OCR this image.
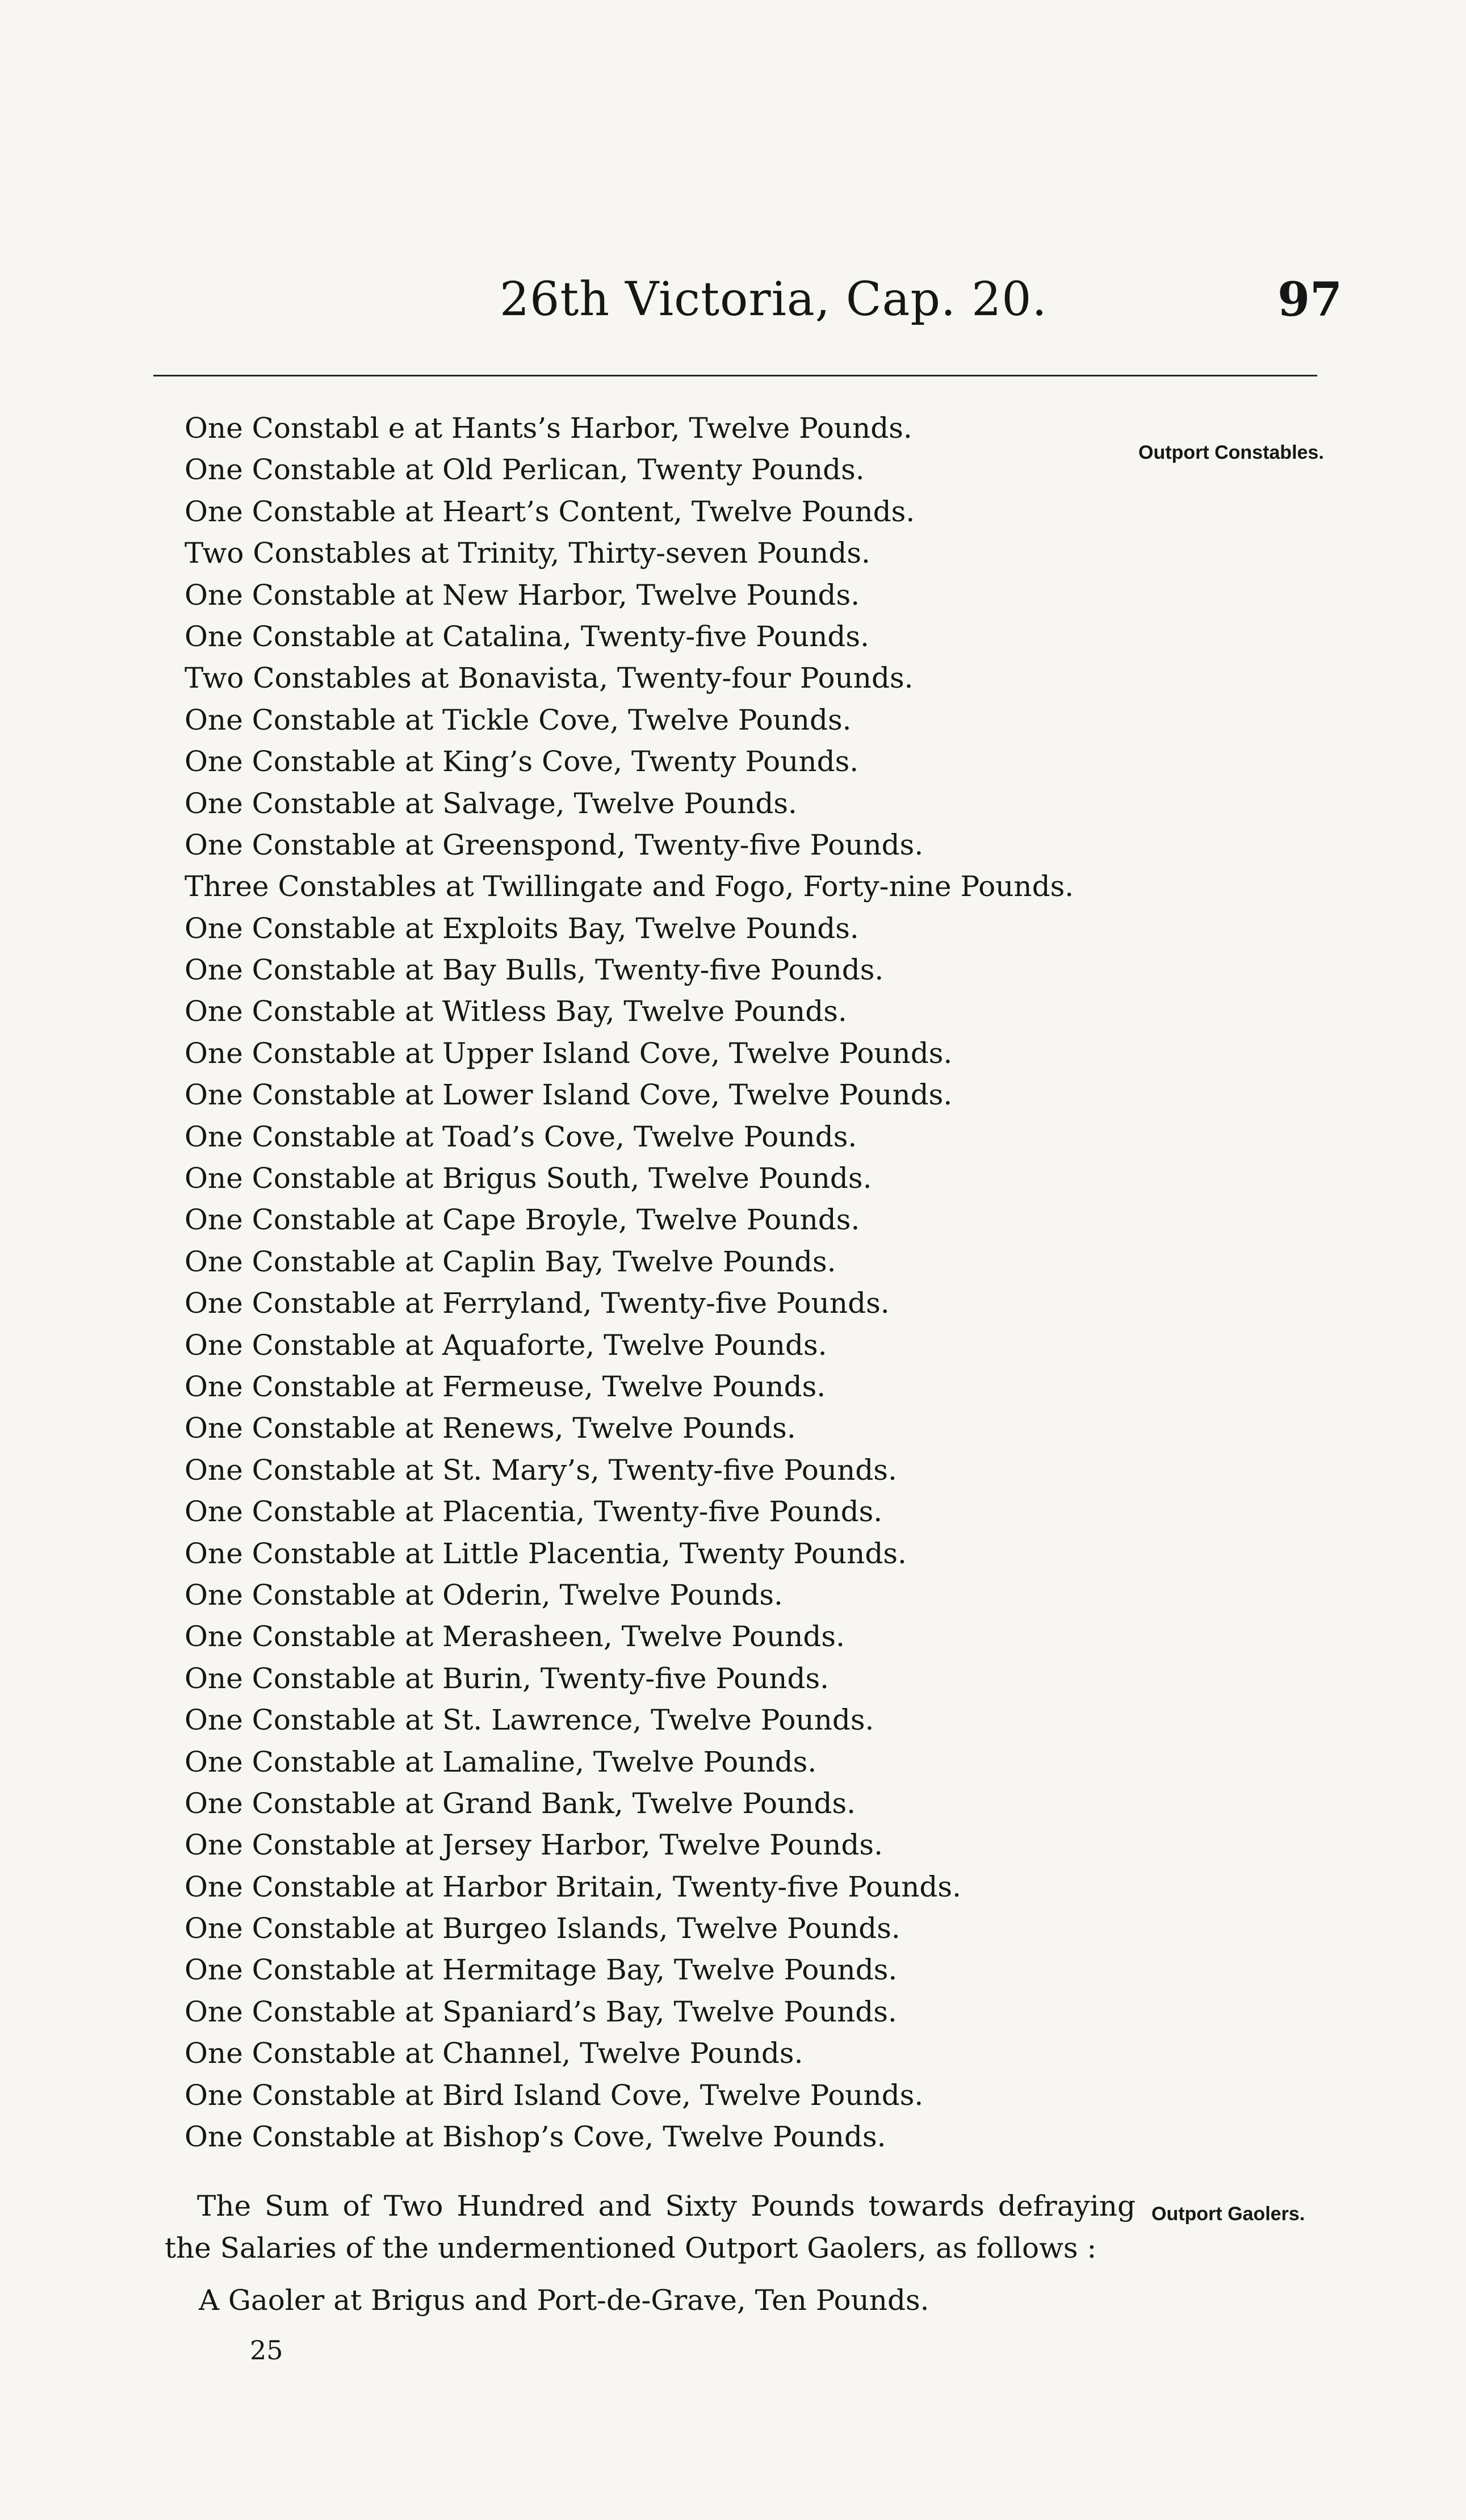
26th Victoria, Cap. 20.	97
Outport Constables.
One Constabl e at Hants’s Harbor, Twelve Pounds.
One Constable at Old Perlican, Twenty Pounds.
One Constable at Heart’s Content, Twelve Pounds.
Two Constables at Trinity, Thirty-seven Pounds.
One Constable at New Harbor, Twelve Pounds.
One Constable at Catalina, Twenty-five Pounds.
Two Constables at Bonavista, Twenty-four Pounds.
One Constable at Tickle Cove, Twelve Pounds.
One Constable at King’s Cove, Twenty Pounds.
One Constable at Salvage, Twelve Pounds.
One Constable at Greenspond, Twenty-five Pounds.
Three Constables at Twillingate and Fogo, Forty-nine Pounds.
One Constable at Exploits Bay, Twelve Pounds.
One Constable at Bay Bulls, Twenty-five Pounds.
One Constable at Witless Bay, Twelve Pounds.
One Constable at Upper Island Cove, Twelve Pounds.
One Constable at Lower Island Cove, Twelve Pounds.
One Constable at Toad’s Cove, Twelve Pounds.
One Constable at Brigus South, Twelve Pounds.
One Constable at Cape Broyle, Twelve Pounds.
One Constable at Caplin Bay, Twelve Pounds.
One Constable at Ferryland, Twenty-five Pounds.
One Constable at Aquaforte, Twelve Pounds.
One Constable at Fermeuse, Twelve Pounds.
One Constable at Renews, Twelve Pounds.
One Constable at St. Mary’s, Twenty-five Pounds.
One Constable at Placentia, Twenty-five Pounds.
One Constable at Little Placentia, Twenty Pounds.
One Constable at Oderin, Twelve Pounds.
One Constable at Merasheen, Twelve Pounds.
One Constable at Burin, Twenty-five Pounds.
One Constable at St. Lawrence, Twelve Pounds.
One Constable at Lamaline, Twelve Pounds.
One Constable at Grand Bank, Twelve Pounds.
One Constable at Jersey Harbor, Twelve Pounds.
One Constable at Harbor Britain, Twenty-five Pounds.
One Constable at Burgeo Islands, Twelve Pounds.
One Constable at Hermitage Bay, Twelve Pounds.
One Constable at Spaniard’s Bay, Twelve Pounds.
One Constable at Channel, Twelve Pounds.
One Constable at Bird Island Cove, Twelve Pounds.
One Constable at Bishop’s Cove, Twelve Pounds.

The Sum of Two Hundred and Sixty Pounds towards defraying the Salaries of the undermentioned Outport Gaolers, as follows :

Outport Gaolers.
A Gaoler at Brigus and Port-de-Grave, Ten Pounds.
25
